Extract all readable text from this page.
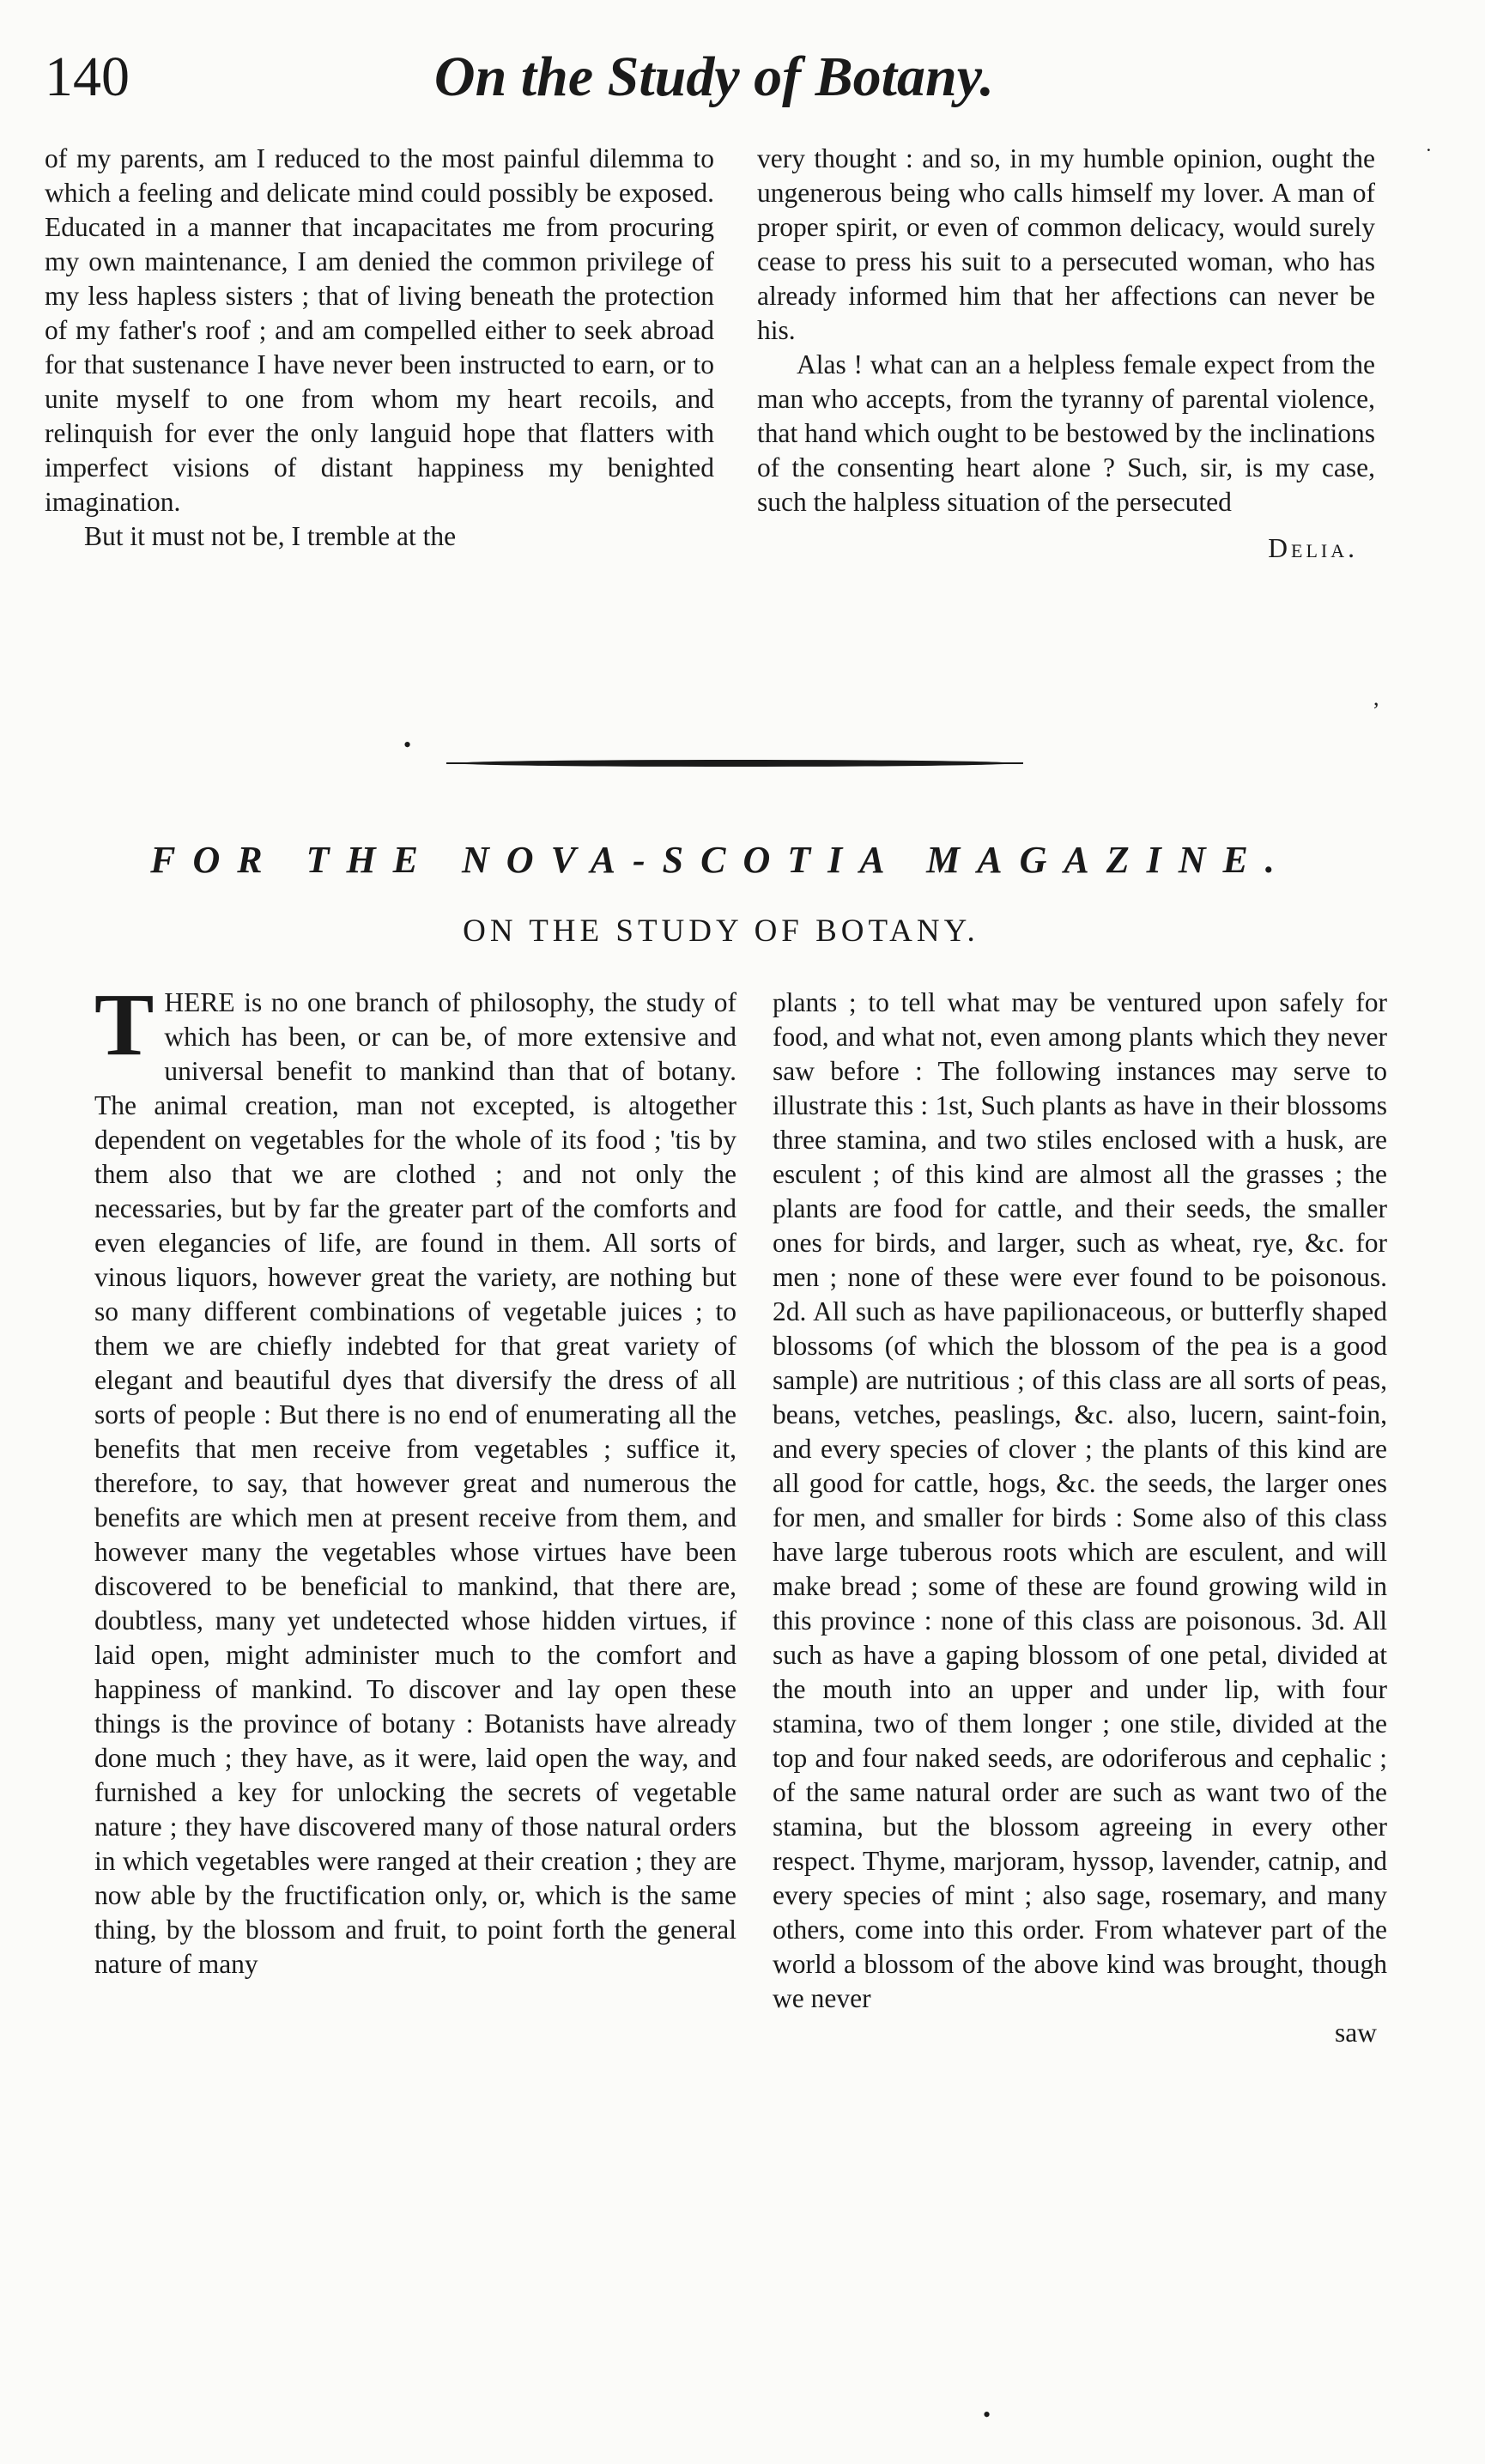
140	On the Study of Botany.

of my parents, am I reduced to the most painful dilemma to which a feeling and delicate mind could possibly be exposed. Educated in a manner that incapacitates me from procuring my own maintenance, I am denied the common privilege of my less hapless sisters ; that of living beneath the protection of my father's roof ; and am compelled either to seek abroad for that sustenance I have never been instructed to earn, or to unite myself to one from whom my heart recoils, and relinquish for ever the only languid hope that flatters with imperfect visions of distant happiness my benighted imagination.

But it must not be, I tremble at the

very thought : and so, in my humble opinion, ought the ungenerous being who calls himself my lover. A man of proper spirit, or even of common delicacy, would surely cease to press his suit to a persecuted woman, who has already informed him that her affections can never be his.

Alas ! what can an a helpless female expect from the man who accepts, from the tyranny of parental violence, that hand which ought to be bestowed by the inclinations of the consenting heart alone ? Such, sir, is my case, such the halpless situation of the persecuted

Delia.
FOR THE NOVA-SCOTIA MAGAZINE.
ON THE STUDY OF BOTANY.

THERE is no one branch of philosophy, the study of which has been, or can be, of more extensive and universal benefit to mankind than that of botany. The animal creation, man not excepted, is altogether dependent on vegetables for the whole of its food ; 'tis by them also that we are clothed ; and not only the necessaries, but by far the greater part of the comforts and even elegancies of life, are found in them. All sorts of vinous liquors, however great the variety, are nothing but so many different combinations of vegetable juices ; to them we are chiefly indebted for that great variety of elegant and beautiful dyes that diversify the dress of all sorts of people : But there is no end of enumerating all the benefits that men receive from vegetables ; suffice it, therefore, to say, that however great and numerous the benefits are which men at present receive from them, and however many the vegetables whose virtues have been discovered to be beneficial to mankind, that there are, doubtless, many yet undetected whose hidden virtues, if laid open, might administer much to the comfort and happiness of mankind. To discover and lay open these things is the province of botany : Botanists have already done much ; they have, as it were, laid open the way, and furnished a key for unlocking the secrets of vegetable nature ; they have discovered many of those natural orders in which vegetables were ranged at their creation ; they are now able by the fructification only, or, which is the same thing, by the blossom and fruit, to point forth the general nature of many

plants ; to tell what may be ventured upon safely for food, and what not, even among plants which they never saw before : The following instances may serve to illustrate this : 1st, Such plants as have in their blossoms three stamina, and two stiles enclosed with a husk, are esculent ; of this kind are almost all the grasses ; the plants are food for cattle, and their seeds, the smaller ones for birds, and larger, such as wheat, rye, &c. for men ; none of these were ever found to be poisonous. 2d. All such as have papilionaceous, or butterfly shaped blossoms (of which the blossom of the pea is a good sample) are nutritious ; of this class are all sorts of peas, beans, vetches, peaslings, &c. also, lucern, saint-foin, and every species of clover ; the plants of this kind are all good for cattle, hogs, &c. the seeds, the larger ones for men, and smaller for birds : Some also of this class have large tuberous roots which are esculent, and will make bread ; some of these are found growing wild in this province : none of this class are poisonous. 3d. All such as have a gaping blossom of one petal, divided at the mouth into an upper and under lip, with four stamina, two of them longer ; one stile, divided at the top and four naked seeds, are odoriferous and cephalic ; of the same natural order are such as want two of the stamina, but the blossom agreeing in every other respect. Thyme, marjoram, hyssop, lavender, catnip, and every species of mint ; also sage, rosemary, and many others, come into this order. From whatever part of the world a blossom of the above kind was brought, though we never

saw
•
•
˙
,
